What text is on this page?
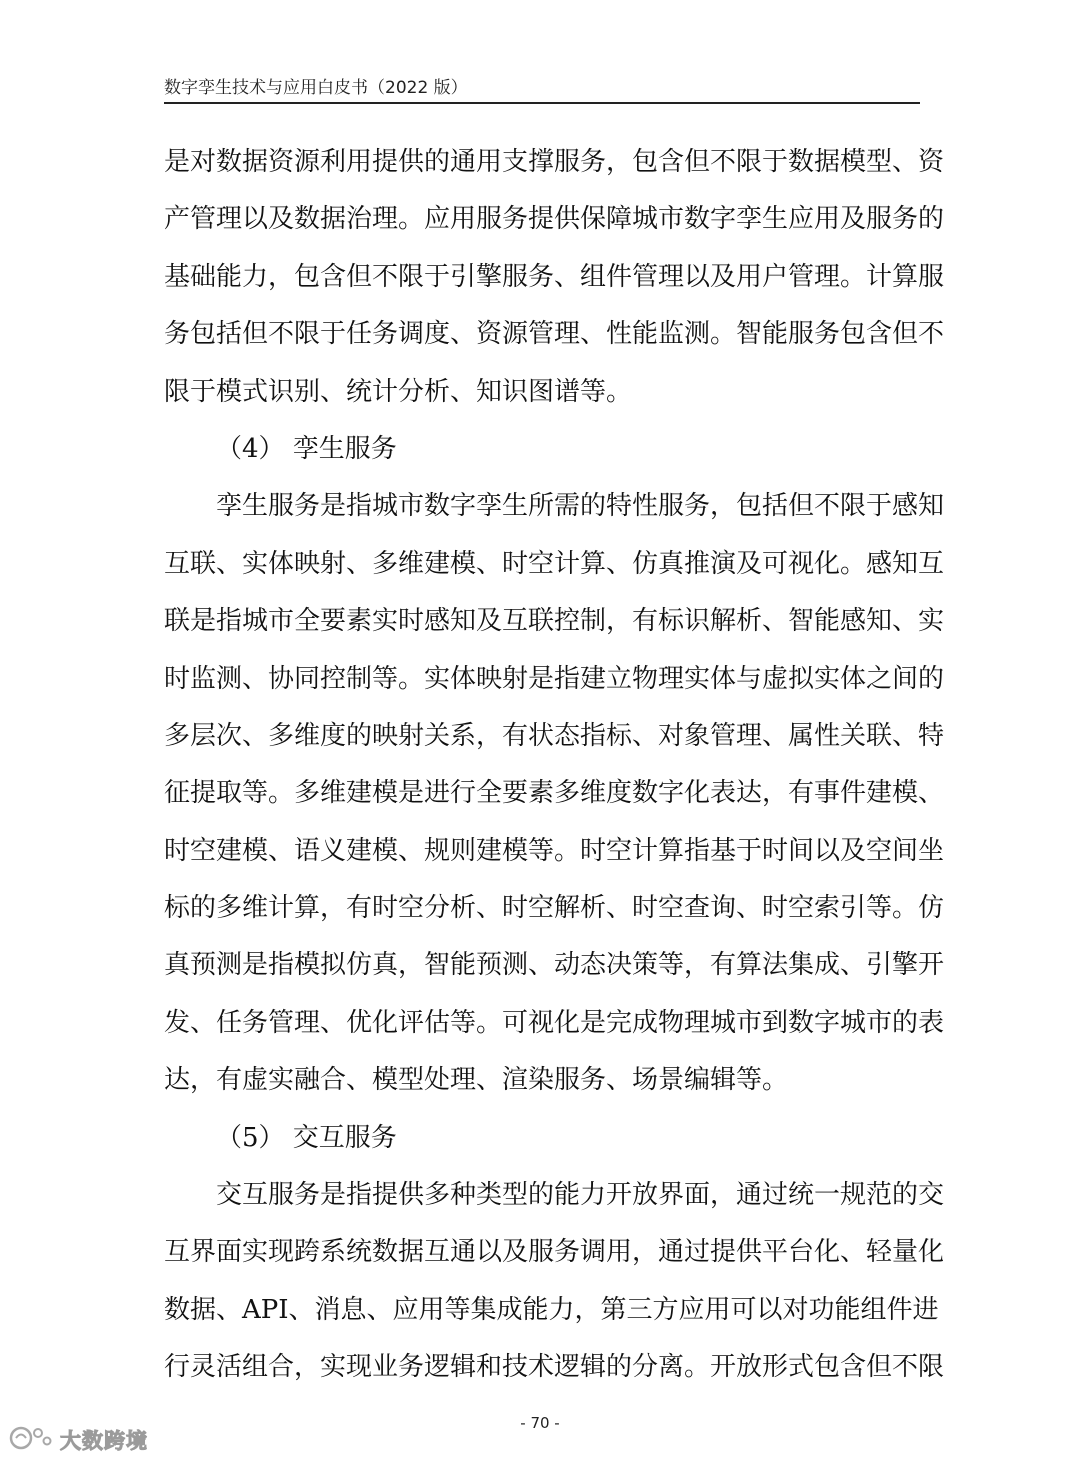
数字孪生技术与应用白皮书（2022 版）
是对数据资源利用提供的通用支撑服务，包含但不限于数据模型、资
产管理以及数据治理。应用服务提供保障城市数字孪生应用及服务的
基础能力，包含但不限于引擎服务、组件管理以及用户管理。计算服
务包括但不限于任务调度、资源管理、性能监测。智能服务包含但不
限于模式识别、统计分析、知识图谱等。
（4） 孪生服务
孪生服务是指城市数字孪生所需的特性服务，包括但不限于感知
互联、实体映射、多维建模、时空计算、仿真推演及可视化。感知互
联是指城市全要素实时感知及互联控制，有标识解析、智能感知、实
时监测、协同控制等。实体映射是指建立物理实体与虚拟实体之间的
多层次、多维度的映射关系，有状态指标、对象管理、属性关联、特
征提取等。多维建模是进行全要素多维度数字化表达，有事件建模、
时空建模、语义建模、规则建模等。时空计算指基于时间以及空间坐
标的多维计算，有时空分析、时空解析、时空查询、时空索引等。仿
真预测是指模拟仿真，智能预测、动态决策等，有算法集成、引擎开
发、任务管理、优化评估等。可视化是完成物理城市到数字城市的表
达，有虚实融合、模型处理、渲染服务、场景编辑等。
（5） 交互服务
交互服务是指提供多种类型的能力开放界面，通过统一规范的交
互界面实现跨系统数据互通以及服务调用，通过提供平台化、轻量化
数据、API、消息、应用等集成能力，第三方应用可以对功能组件进
行灵活组合，实现业务逻辑和技术逻辑的分离。开放形式包含但不限
- 70 -
大数跨境
